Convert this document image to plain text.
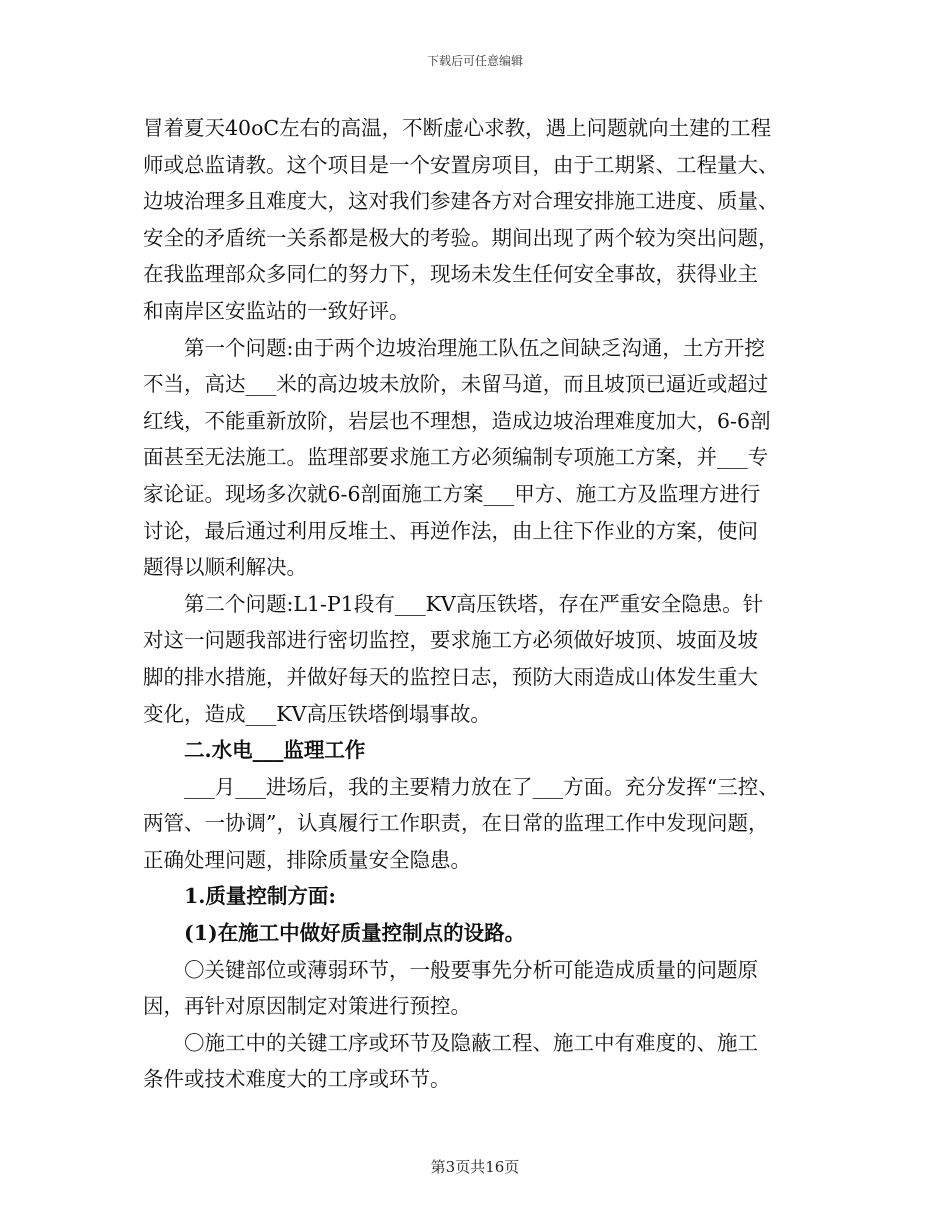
下载后可任意编辑
冒着夏天40oC左右的高温，不断虚心求教，遇上问题就向土建的工程
师或总监请教。这个项目是一个安置房项目，由于工期紧、工程量大、
边坡治理多且难度大，这对我们参建各方对合理安排施工进度、质量、
安全的矛盾统一关系都是极大的考验。期间出现了两个较为突出问题，
在我监理部众多同仁的努力下，现场未发生任何安全事故，获得业主
和南岸区安监站的一致好评。
第一个问题:由于两个边坡治理施工队伍之间缺乏沟通，土方开挖
不当，高达___米的高边坡未放阶，未留马道，而且坡顶已逼近或超过
红线，不能重新放阶，岩层也不理想，造成边坡治理难度加大，6-6剖
面甚至无法施工。监理部要求施工方必须编制专项施工方案，并___专
家论证。现场多次就6-6剖面施工方案___甲方、施工方及监理方进行
讨论，最后通过利用反堆土、再逆作法，由上往下作业的方案，使问
题得以顺利解决。
第二个问题:L1-P1段有___KV高压铁塔，存在严重安全隐患。针
对这一问题我部进行密切监控，要求施工方必须做好坡顶、坡面及坡
脚的排水措施，并做好每天的监控日志，预防大雨造成山体发生重大
变化，造成___KV高压铁塔倒塌事故。
二.水电___监理工作
___月___进场后，我的主要精力放在了___方面。充分发挥“三控、
两管、一协调”，认真履行工作职责，在日常的监理工作中发现问题，
正确处理问题，排除质量安全隐患。
1.质量控制方面:
(1)在施工中做好质量控制点的设路。
〇关键部位或薄弱环节，一般要事先分析可能造成质量的问题原
因，再针对原因制定对策进行预控。
〇施工中的关键工序或环节及隐蔽工程、施工中有难度的、施工
条件或技术难度大的工序或环节。
第3页共16页
